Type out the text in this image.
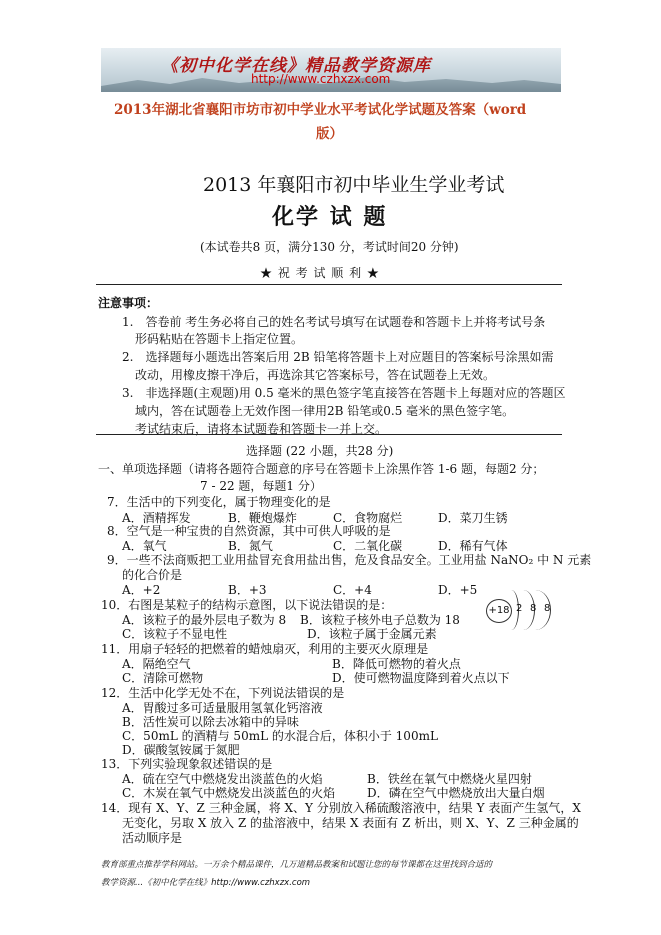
《初中化学在线》精品教学资源库
http://www.czhxzx.com
2013年湖北省襄阳市坊市初中学业水平考试化学试题及答案（word
版）
2013 年襄阳市初中毕业生学业考试
化学 试 题
(本试卷共8 页，满分130 分，考试时间20 分钟)
★ 祝 考 试 顺 利 ★
注意事项：
1.　答卷前 考生务必将自己的姓名考试号填写在试题卷和答题卡上并将考试号条
形码粘贴在答题卡上指定位置。
2.　选择题每小题选出答案后用 2B 铅笔将答题卡上对应题目的答案标号涂黑如需
改动，用橡皮擦干净后，再选涂其它答案标号，答在试题卷上无效。
3.　非选择题(主观题)用 0.5 毫米的黑色签字笔直接答在答题卡上每题对应的答题区
域内，答在试题卷上无效作图一律用2B 铅笔或0.5 毫米的黑色签字笔。
考试结束后，请将本试题卷和答题卡一并上交。
选择题 (22 小题，共28 分)
一、单项选择题（请将各题符合题意的序号在答题卡上涂黑作答 1-6 题，每题2 分；
7 - 22 题，每题1 分）
7．生活中的下列变化，属于物理变化的是
A．酒精挥发	B．鞭炮爆炸	C．食物腐烂	D．菜刀生锈
8．空气是一种宝贵的自然资源，其中可供人呼吸的是
A．氧气	B．氮气	C．二氧化碳	D．稀有气体
9．一些不法商贩把工业用盐冒充食用盐出售，危及食品安全。工业用盐 NaNO₂ 中 N 元素
的化合价是
A．+2	B．+3	C．+4	D．+5
10．右图是某粒子的结构示意图，以下说法错误的是：
A．该粒子的最外层电子数为 8 B．该粒子核外电子总数为 18
C．该粒子不显电性	D．该粒子属于金属元素
+18 2 8 8
11．用扇子轻轻的把燃着的蜡烛扇灭，利用的主要灭火原理是
A．隔绝空气	B．降低可燃物的着火点
C．清除可燃物	D．使可燃物温度降到着火点以下
12．生活中化学无处不在，下列说法错误的是
A．胃酸过多可适量服用氢氧化钙溶液
B．活性炭可以除去冰箱中的异味
C．50mL 的酒精与 50mL 的水混合后，体积小于 100mL
D．碳酸氢铵属于氮肥
13．下列实验现象叙述错误的是
A．硫在空气中燃烧发出淡蓝色的火焰	B．铁丝在氧气中燃烧火星四射
C．木炭在氧气中燃烧发出淡蓝色的火焰	D．磷在空气中燃烧放出大量白烟
14．现有 X、Y、Z 三种金属，将 X、Y 分别放入稀硫酸溶液中，结果 Y 表面产生氢气，X
无变化，另取 X 放入 Z 的盐溶液中，结果 X 表面有 Z 析出，则 X、Y、Z 三种金属的
活动顺序是
教育部重点推荐学科网站。一万余个精品课件，几万道精品教案和试题让您的每节课都在这里找到合适的
教学资源...《初中化学在线》http://www.czhxzx.com
